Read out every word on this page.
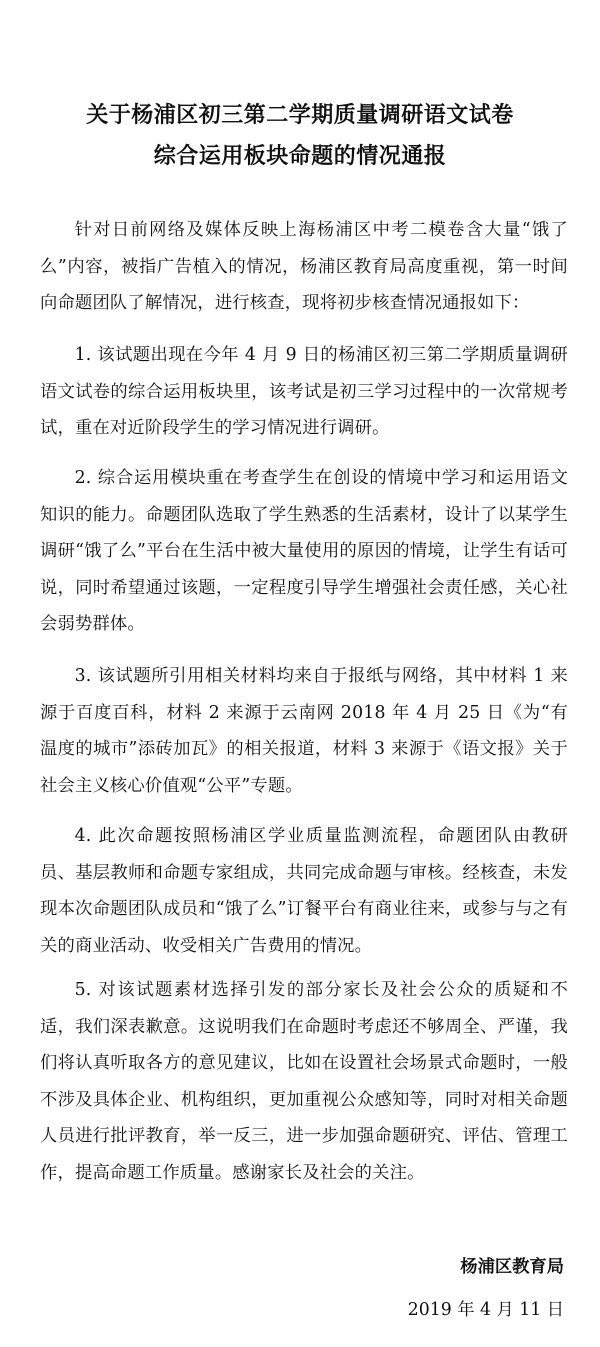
关于杨浦区初三第二学期质量调研语文试卷
综合运用板块命题的情况通报

针对日前网络及媒体反映上海杨浦区中考二模卷含大量“饿了么”内容，被指广告植入的情况，杨浦区教育局高度重视，第一时间向命题团队了解情况，进行核查，现将初步核查情况通报如下：

1. 该试题出现在今年 4 月 9 日的杨浦区初三第二学期质量调研语文试卷的综合运用板块里，该考试是初三学习过程中的一次常规考试，重在对近阶段学生的学习情况进行调研。

2. 综合运用模块重在考查学生在创设的情境中学习和运用语文知识的能力。命题团队选取了学生熟悉的生活素材，设计了以某学生调研“饿了么”平台在生活中被大量使用的原因的情境，让学生有话可说，同时希望通过该题，一定程度引导学生增强社会责任感，关心社会弱势群体。

3. 该试题所引用相关材料均来自于报纸与网络，其中材料 1 来源于百度百科，材料 2 来源于云南网 2018 年 4 月 25 日《为“有温度的城市”添砖加瓦》的相关报道，材料 3 来源于《语文报》关于社会主义核心价值观“公平”专题。

4. 此次命题按照杨浦区学业质量监测流程，命题团队由教研员、基层教师和命题专家组成，共同完成命题与审核。经核查，未发现本次命题团队成员和“饿了么”订餐平台有商业往来，或参与与之有关的商业活动、收受相关广告费用的情况。

5. 对该试题素材选择引发的部分家长及社会公众的质疑和不适，我们深表歉意。这说明我们在命题时考虑还不够周全、严谨，我们将认真听取各方的意见建议，比如在设置社会场景式命题时，一般不涉及具体企业、机构组织，更加重视公众感知等，同时对相关命题人员进行批评教育，举一反三，进一步加强命题研究、评估、管理工作，提高命题工作质量。感谢家长及社会的关注。

杨浦区教育局

2019 年 4 月 11 日
